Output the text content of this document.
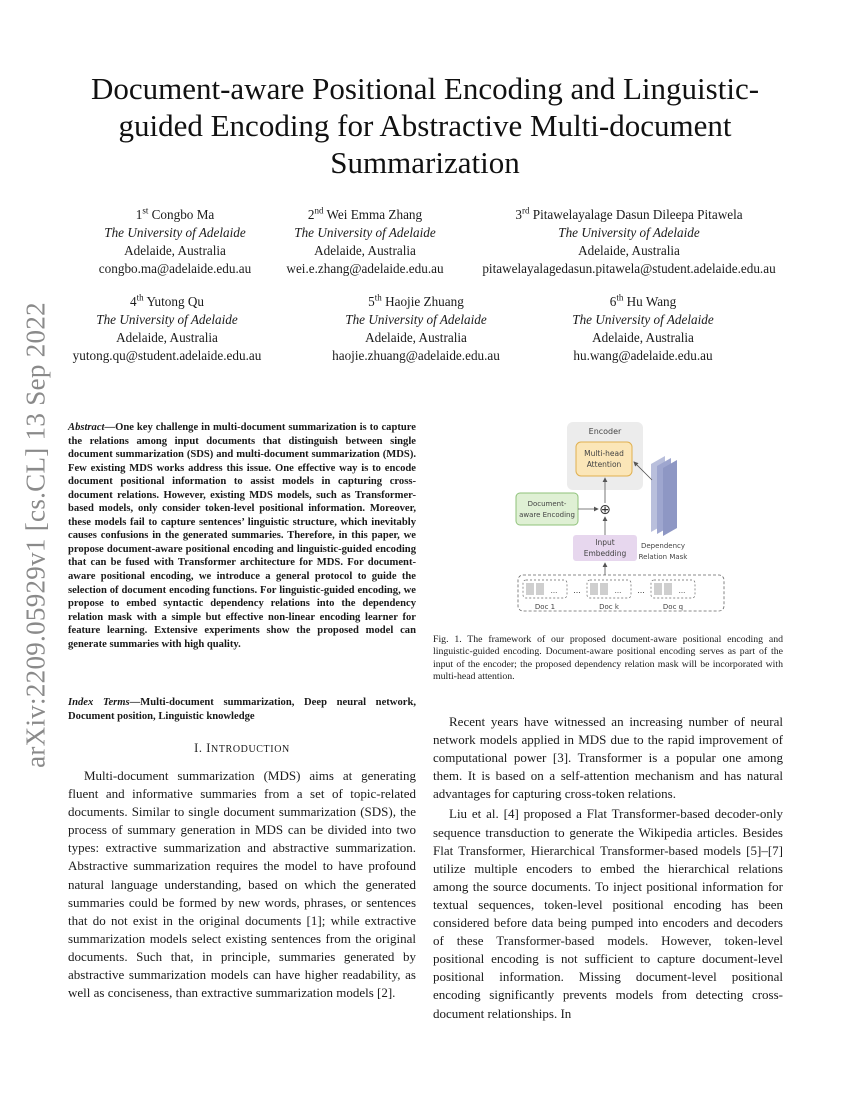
arXiv:2209.05929v1 [cs.CL] 13 Sep 2022
Document-aware Positional Encoding and Linguistic-guided Encoding for Abstractive Multi-document Summarization
1st Congbo Ma
The University of Adelaide
Adelaide, Australia
congbo.ma@adelaide.edu.au
2nd Wei Emma Zhang
The University of Adelaide
Adelaide, Australia
wei.e.zhang@adelaide.edu.au
3rd Pitawelayalage Dasun Dileepa Pitawela
The University of Adelaide
Adelaide, Australia
pitawelayalagedasun.pitawela@student.adelaide.edu.au
4th Yutong Qu
The University of Adelaide
Adelaide, Australia
yutong.qu@student.adelaide.edu.au
5th Haojie Zhuang
The University of Adelaide
Adelaide, Australia
haojie.zhuang@adelaide.edu.au
6th Hu Wang
The University of Adelaide
Adelaide, Australia
hu.wang@adelaide.edu.au
Abstract—One key challenge in multi-document summarization is to capture the relations among input documents that distinguish between single document summarization (SDS) and multi-document summarization (MDS). Few existing MDS works address this issue. One effective way is to encode document positional information to assist models in capturing cross-document relations. However, existing MDS models, such as Transformer-based models, only consider token-level positional information. Moreover, these models fail to capture sentences’ linguistic structure, which inevitably causes confusions in the generated summaries. Therefore, in this paper, we propose document-aware positional encoding and linguistic-guided encoding that can be fused with Transformer architecture for MDS. For document-aware positional encoding, we introduce a general protocol to guide the selection of document encoding functions. For linguistic-guided encoding, we propose to embed syntactic dependency relations into the dependency relation mask with a simple but effective non-linear encoding learner for feature learning. Extensive experiments show the proposed model can generate summaries with high quality.
Index Terms—Multi-document summarization, Deep neural network, Document position, Linguistic knowledge
I. INTRODUCTION

Multi-document summarization (MDS) aims at generating fluent and informative summaries from a set of topic-related documents. Similar to single document summarization (SDS), the process of summary generation in MDS can be divided into two types: extractive summarization and abstractive summarization. Abstractive summarization requires the model to have profound natural language understanding, based on which the generated summaries could be formed by new words, phrases, or sentences that do not exist in the original documents [1]; while extractive summarization models select existing sentences from the original documents. Such that, in principle, summaries generated by abstractive summarization models can have higher readability, as well as conciseness, than extractive summarization models [2].

Recent years have witnessed an increasing number of neural network models applied in MDS due to the rapid improvement of computational power [3]. Transformer is a popular one among them. It is based on a self-attention mechanism and has natural advantages for capturing cross-token relations.

Liu et al. [4] proposed a Flat Transformer-based decoder-only sequence transduction to generate the Wikipedia articles. Besides Flat Transformer, Hierarchical Transformer-based models [5]–[7] utilize multiple encoders to embed the hierarchical relations among the source documents. To inject positional information for textual sequences, token-level positional encoding has been considered before data being pumped into encoders and decoders of these Transformer-based models. However, token-level positional encoding is not sufficient to capture document-level positional information. Missing document-level positional encoding significantly prevents models from detecting cross-document relationships. In

Encoder
Multi-head
Attention
Dependency
Relation Mask
Document-
aware Encoding ⊕
Input
Embedding
...
Doc 1
...	...
Doc k
...	...
Doc q
Fig. 1. The framework of our proposed document-aware positional encoding and linguistic-guided encoding. Document-aware positional encoding serves as part of the input of the encoder; the proposed dependency relation mask will be incorporated with multi-head attention.
